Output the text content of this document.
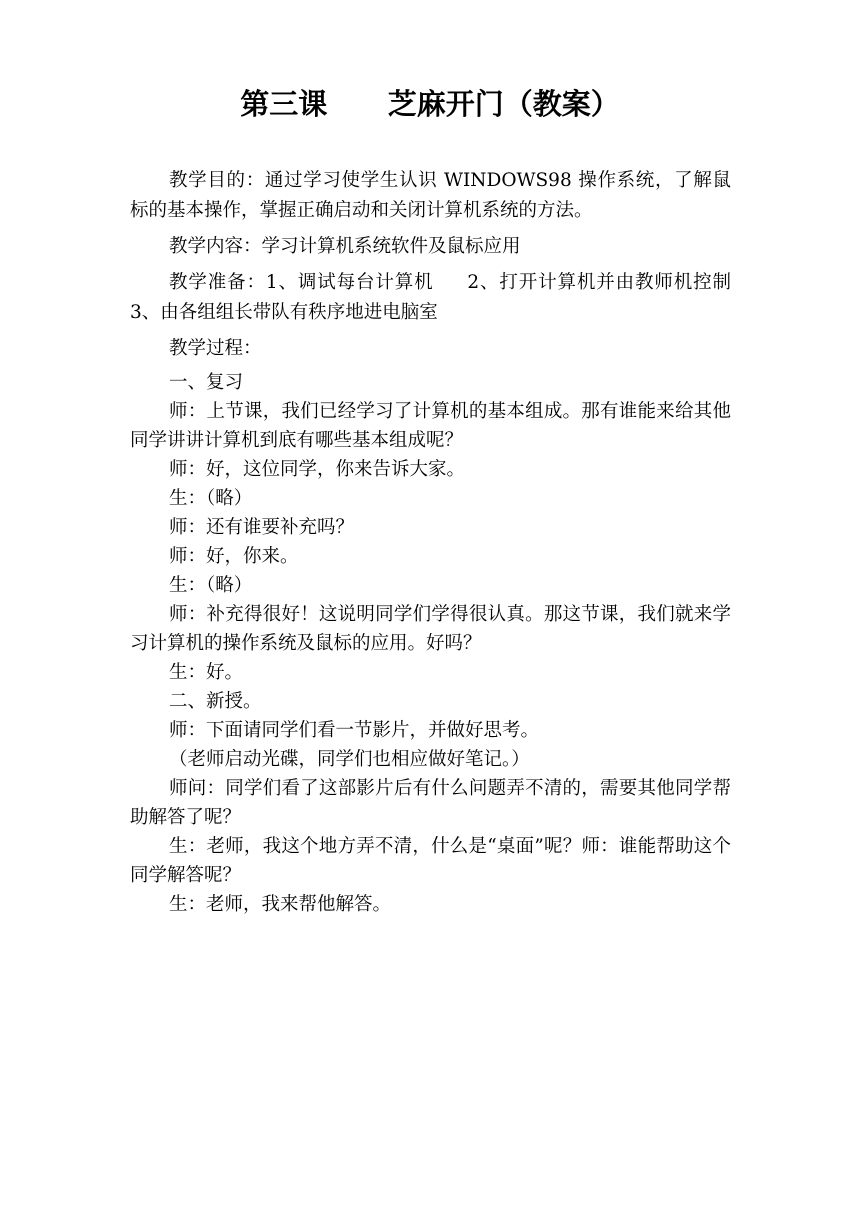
第三课      芝麻开门（教案）

教学目的：通过学习使学生认识 WINDOWS98 操作系统，了解鼠标的基本操作，掌握正确启动和关闭计算机系统的方法。

教学内容：学习计算机系统软件及鼠标应用

教学准备：1、调试每台计算机     2、打开计算机并由教师机控制   3、由各组组长带队有秩序地进电脑室

教学过程：

一、复习

师：上节课，我们已经学习了计算机的基本组成。那有谁能来给其他同学讲讲计算机到底有哪些基本组成呢？

师：好，这位同学，你来告诉大家。

生：（略）

师：还有谁要补充吗？

师：好，你来。

生：（略）

师：补充得很好！这说明同学们学得很认真。那这节课，我们就来学习计算机的操作系统及鼠标的应用。好吗？

生：好。

二、新授。

师：下面请同学们看一节影片，并做好思考。

（老师启动光碟，同学们也相应做好笔记。）

师问：同学们看了这部影片后有什么问题弄不清的，需要其他同学帮助解答了呢？

生：老师，我这个地方弄不清，什么是“桌面”呢？师：谁能帮助这个同学解答呢？

生：老师，我来帮他解答。
